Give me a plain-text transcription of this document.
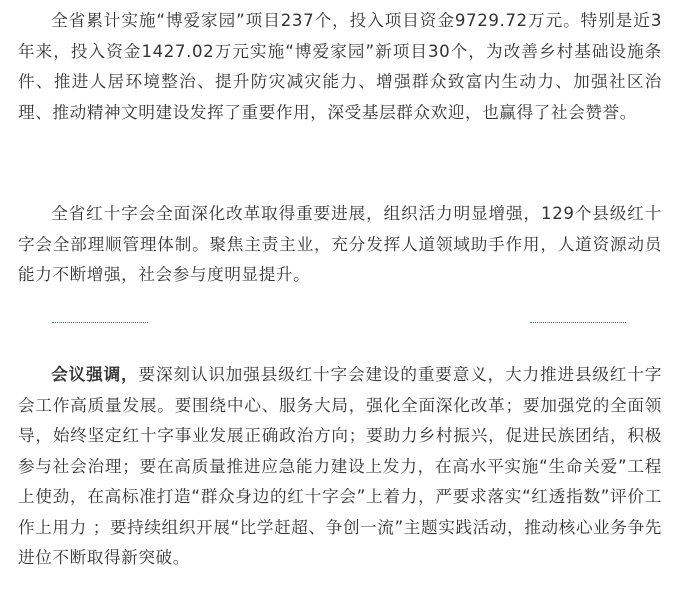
全省累计实施“博爱家园”项目237个，投入项目资金9729.72万元。特别是近3年来，投入资金1427.02万元实施“博爱家园”新项目30个，为改善乡村基础设施条件、推进人居环境整治、提升防灾减灾能力、增强群众致富内生动力、加强社区治理、推动精神文明建设发挥了重要作用，深受基层群众欢迎，也赢得了社会赞誉。

全省红十字会全面深化改革取得重要进展，组织活力明显增强，129个县级红十字会全部理顺管理体制。聚焦主责主业，充分发挥人道领域助手作用，人道资源动员能力不断增强，社会参与度明显提升。

会议强调，要深刻认识加强县级红十字会建设的重要意义，大力推进县级红十字会工作高质量发展。要围绕中心、服务大局，强化全面深化改革；要加强党的全面领导，始终坚定红十字事业发展正确政治方向；要助力乡村振兴，促进民族团结，积极参与社会治理；要在高质量推进应急能力建设上发力，在高水平实施“生命关爱”工程上使劲，在高标准打造“群众身边的红十字会”上着力，严要求落实“红透指数”评价工作上用力 ；要持续组织开展“比学赶超、争创一流”主题实践活动，推动核心业务争先进位不断取得新突破。
